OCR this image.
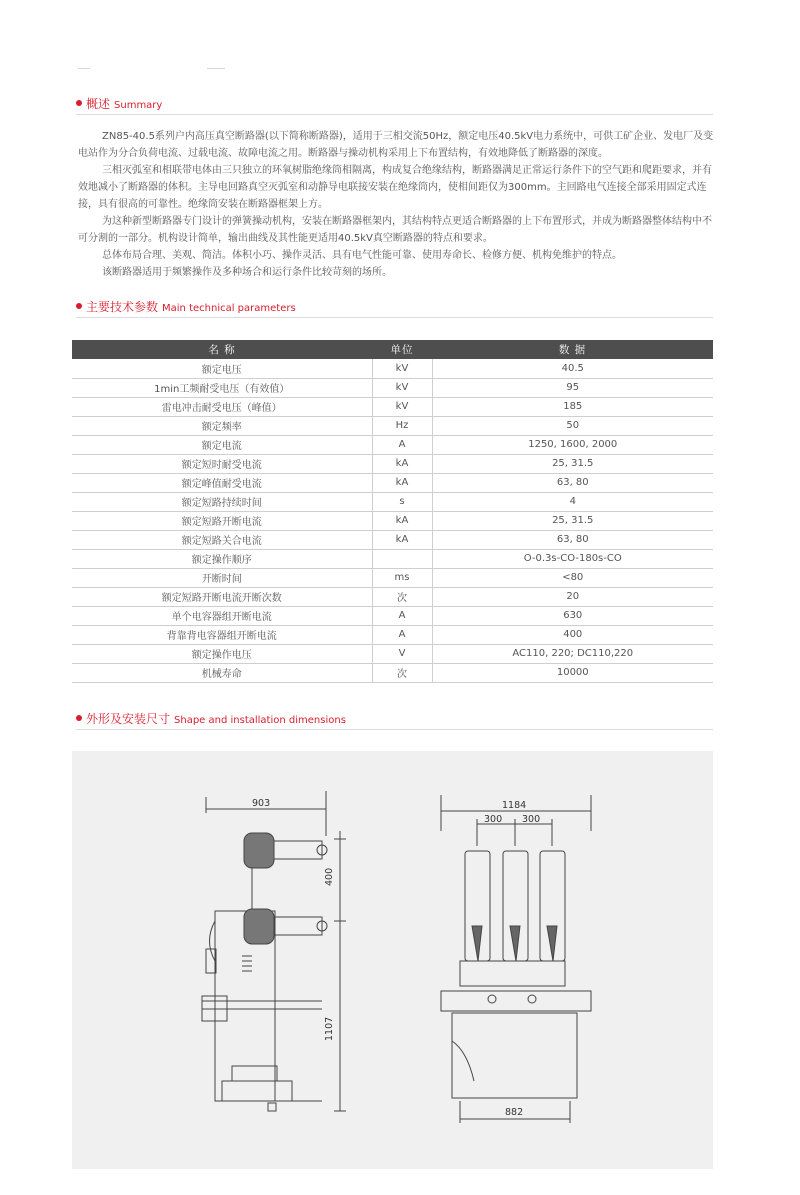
概述 Summary

ZN85-40.5系列户内高压真空断路器(以下简称断路器)，适用于三相交流50Hz，额定电压40.5kV电力系统中，可供工矿企业、发电厂及变电站作为分合负荷电流、过载电流、故障电流之用。断路器与操动机构采用上下布置结构，有效地降低了断路器的深度。

三相灭弧室和相联带电体由三只独立的环氧树脂绝缘筒相隔离，构成复合绝缘结构，断路器满足正常运行条件下的空气距和爬距要求，并有效地减小了断路器的体积。主导电回路真空灭弧室和动静导电联接安装在绝缘筒内，使相间距仅为300mm。主回路电气连接全部采用固定式连接，具有很高的可靠性。绝缘筒安装在断路器框架上方。

为这种新型断路器专门设计的弹簧操动机构，安装在断路器框架内，其结构特点更适合断路器的上下布置形式，并成为断路器整体结构中不可分割的一部分。机构设计简单，输出曲线及其性能更适用40.5kV真空断路器的特点和要求。

总体布局合理、美观、简洁。体积小巧、操作灵活、具有电气性能可靠、使用寿命长、检修方便、机构免维护的特点。

该断路器适用于频繁操作及多种场合和运行条件比较苛刻的场所。

主要技术参数 Main technical parameters
名 称	单位	数 据
额定电压	kV	40.5
1min工频耐受电压（有效值）	kV	95
雷电冲击耐受电压（峰值）	kV	185
额定频率	Hz	50
额定电流	A	1250, 1600, 2000
额定短时耐受电流	kA	25, 31.5
额定峰值耐受电流	kA	63, 80
额定短路持续时间	s	4
额定短路开断电流	kA	25, 31.5
额定短路关合电流	kA	63, 80
额定操作顺序		O-0.3s-CO-180s-CO
开断时间	ms	<80
额定短路开断电流开断次数	次	20
单个电容器组开断电流	A	630
背靠背电容器组开断电流	A	400
额定操作电压	V	AC110, 220; DC110,220
机械寿命	次	10000
外形及安装尺寸 Shape and installation dimensions
903
400
1107
1184
300 300
882
